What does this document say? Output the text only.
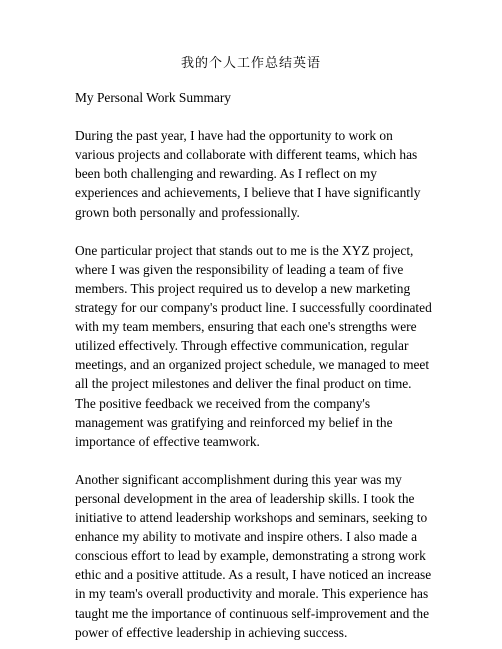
我的个人工作总结英语

My Personal Work Summary

During the past year, I have had the opportunity to work on various projects and collaborate with different teams, which has been both challenging and rewarding. As I reflect on my experiences and achievements, I believe that I have significantly grown both personally and professionally.

One particular project that stands out to me is the XYZ project, where I was given the responsibility of leading a team of five members. This project required us to develop a new marketing strategy for our company's product line. I successfully coordinated with my team members, ensuring that each one's strengths were utilized effectively. Through effective communication, regular meetings, and an organized project schedule, we managed to meet all the project milestones and deliver the final product on time. The positive feedback we received from the company's management was gratifying and reinforced my belief in the importance of effective teamwork.

Another significant accomplishment during this year was my personal development in the area of leadership skills. I took the initiative to attend leadership workshops and seminars, seeking to enhance my ability to motivate and inspire others. I also made a conscious effort to lead by example, demonstrating a strong work ethic and a positive attitude. As a result, I have noticed an increase in my team's overall productivity and morale. This experience has taught me the importance of continuous self-improvement and the power of effective leadership in achieving success.
